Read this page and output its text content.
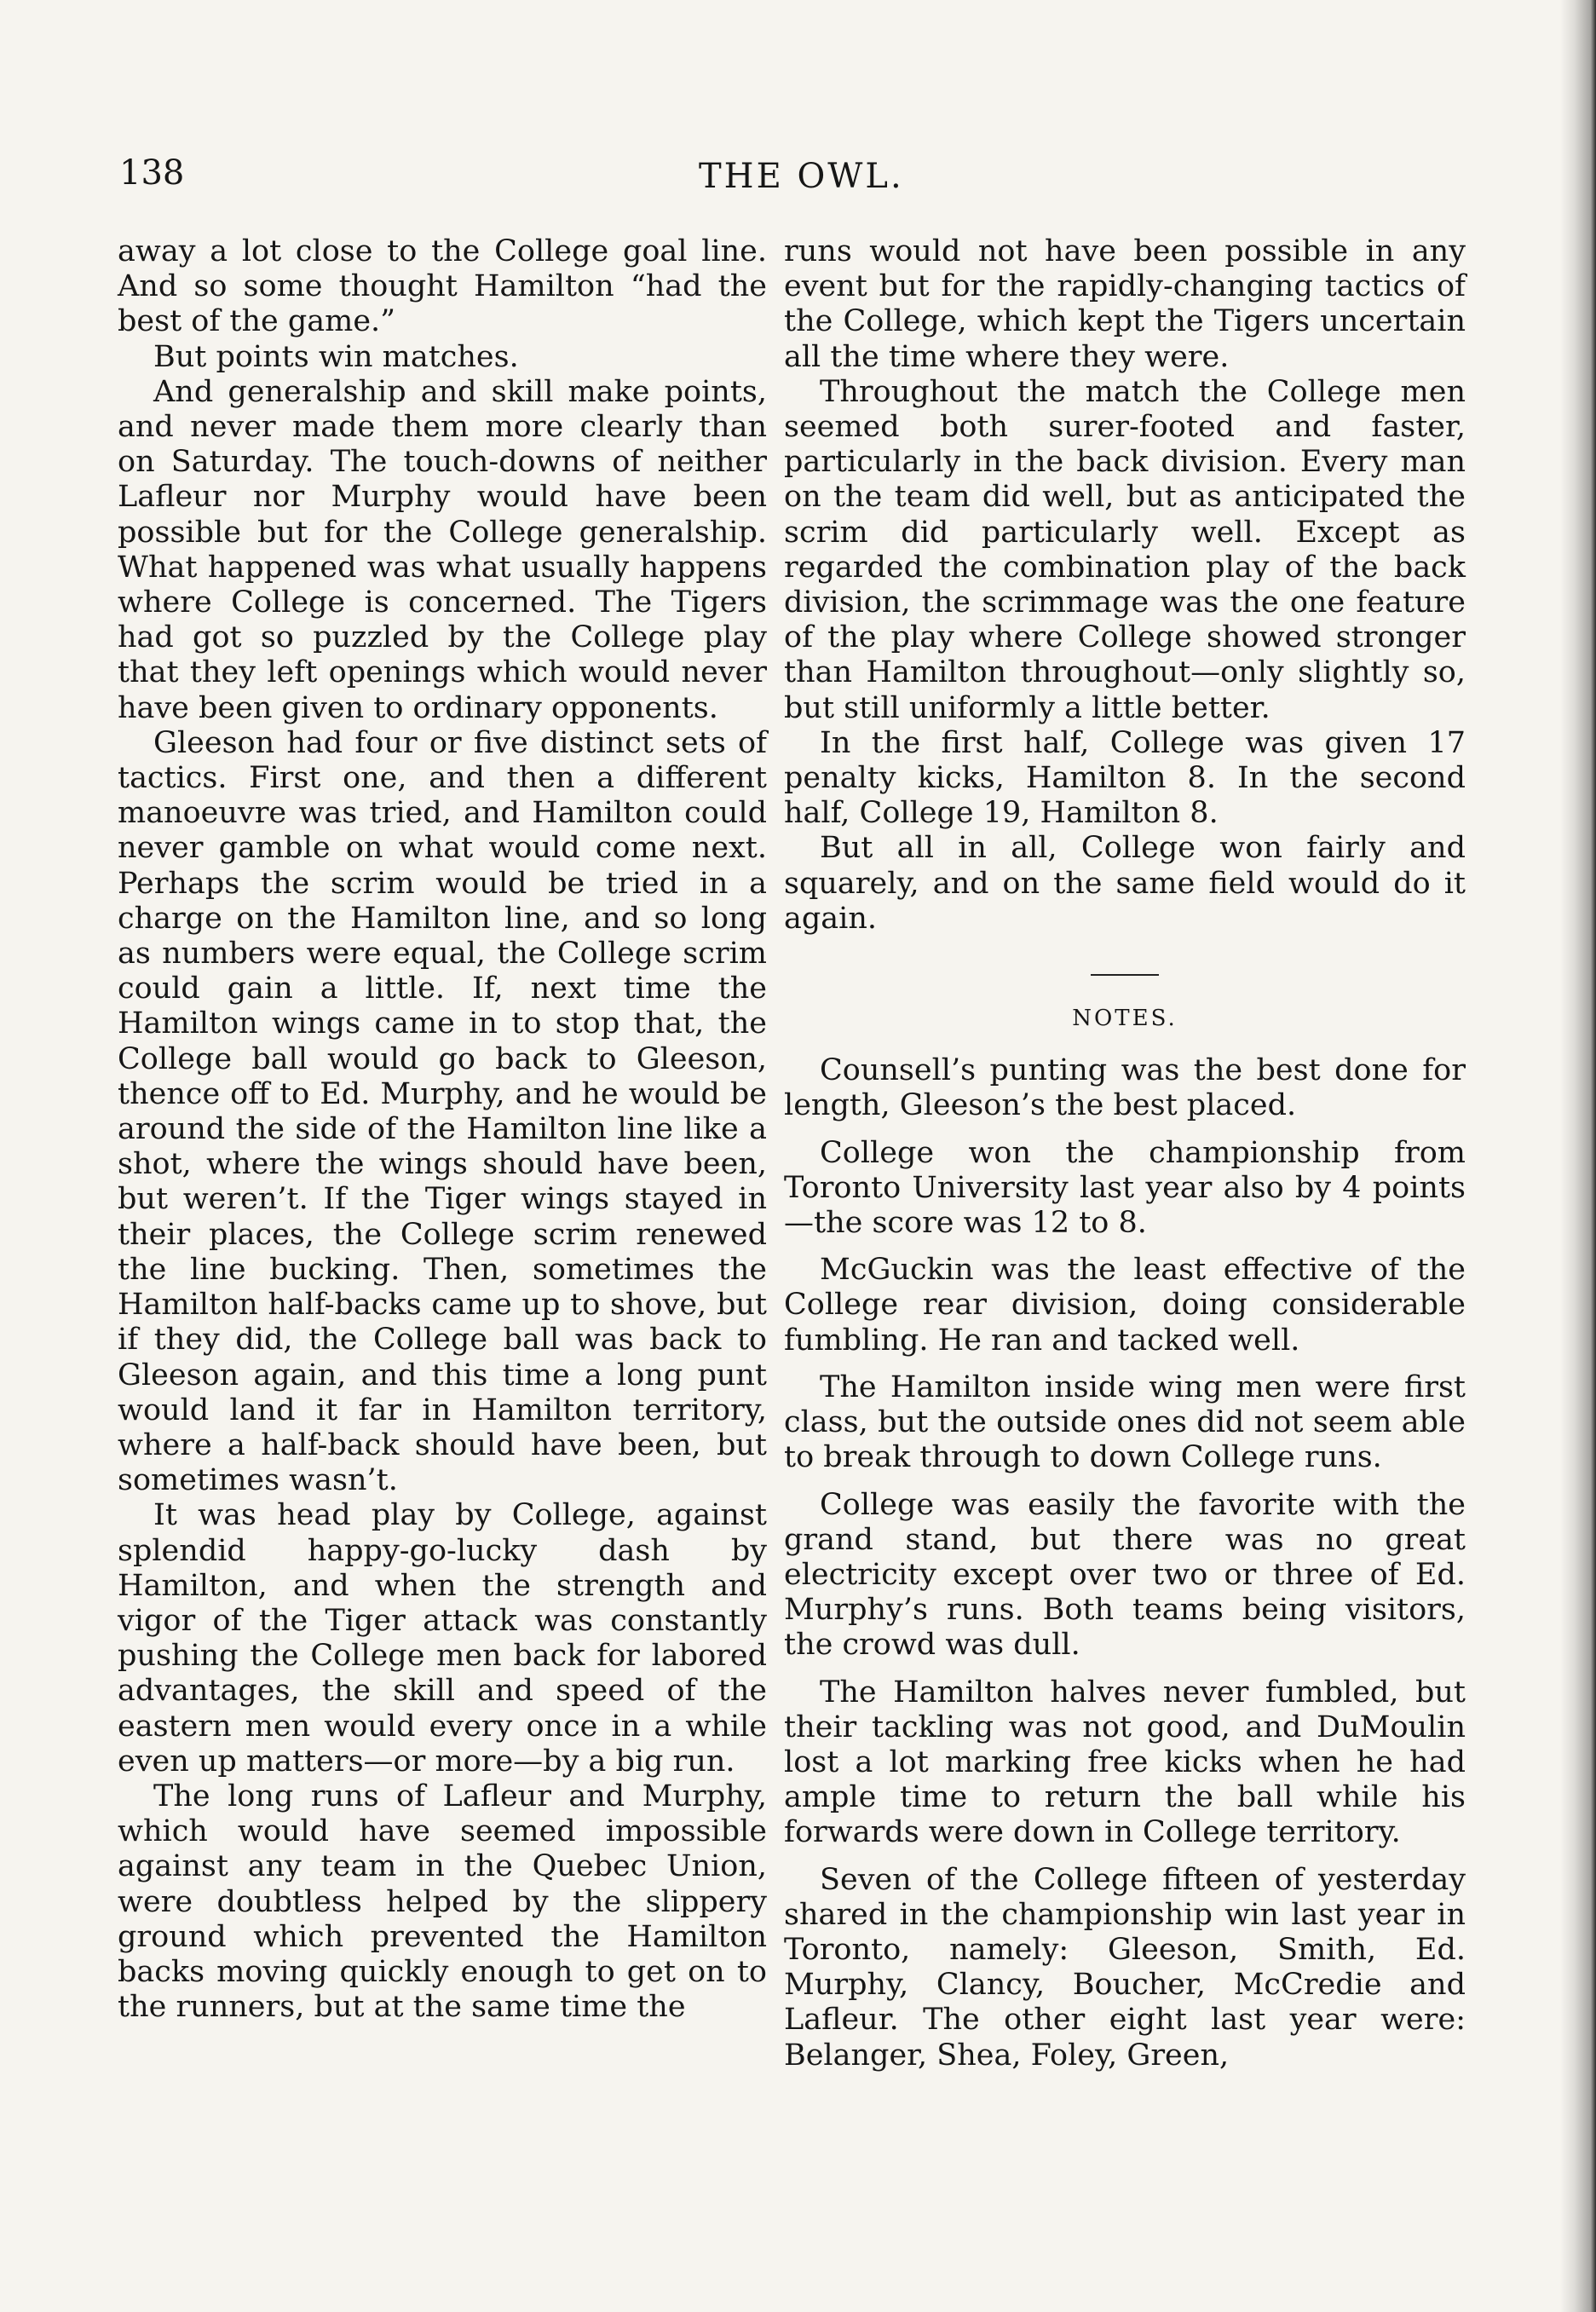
138	THE OWL.

away a lot close to the College goal line. And so some thought Hamilton “had the best of the game.”

But points win matches.

And generalship and skill make points, and never made them more clearly than on Saturday. The touch-downs of neither Lafleur nor Murphy would have been possible but for the College generalship. What happened was what usually happens where College is concerned. The Tigers had got so puzzled by the College play that they left openings which would never have been given to ordinary opponents.

Gleeson had four or five distinct sets of tactics. First one, and then a different manoeuvre was tried, and Hamilton could never gamble on what would come next. Perhaps the scrim would be tried in a charge on the Hamilton line, and so long as numbers were equal, the College scrim could gain a little. If, next time the Hamilton wings came in to stop that, the College ball would go back to Gleeson, thence off to Ed. Murphy, and he would be around the side of the Hamilton line like a shot, where the wings should have been, but weren’t. If the Tiger wings stayed in their places, the College scrim renewed the line bucking. Then, sometimes the Hamilton half-backs came up to shove, but if they did, the College ball was back to Gleeson again, and this time a long punt would land it far in Hamilton territory, where a half-back should have been, but sometimes wasn’t.

It was head play by College, against splendid happy-go-lucky dash by Hamilton, and when the strength and vigor of the Tiger attack was constantly pushing the College men back for labored advantages, the skill and speed of the eastern men would every once in a while even up matters—or more—by a big run.

The long runs of Lafleur and Murphy, which would have seemed impossible against any team in the Quebec Union, were doubtless helped by the slippery ground which prevented the Hamilton backs moving quickly enough to get on to the runners, but at the same time the

runs would not have been possible in any event but for the rapidly-changing tactics of the College, which kept the Tigers uncertain all the time where they were.

Throughout the match the College men seemed both surer-footed and faster, particularly in the back division. Every man on the team did well, but as anticipated the scrim did particularly well. Except as regarded the combination play of the back division, the scrimmage was the one feature of the play where College showed stronger than Hamilton throughout—only slightly so, but still uniformly a little better.

In the first half, College was given 17 penalty kicks, Hamilton 8. In the second half, College 19, Hamilton 8.

But all in all, College won fairly and squarely, and on the same field would do it again.

NOTES.

Counsell’s punting was the best done for length, Gleeson’s the best placed.

College won the championship from Toronto University last year also by 4 points—the score was 12 to 8.

McGuckin was the least effective of the College rear division, doing considerable fumbling. He ran and tacked well.

The Hamilton inside wing men were first class, but the outside ones did not seem able to break through to down College runs.

College was easily the favorite with the grand stand, but there was no great electricity except over two or three of Ed. Murphy’s runs. Both teams being visitors, the crowd was dull.

The Hamilton halves never fumbled, but their tackling was not good, and DuMoulin lost a lot marking free kicks when he had ample time to return the ball while his forwards were down in College territory.

Seven of the College fifteen of yesterday shared in the championship win last year in Toronto, namely: Gleeson, Smith, Ed. Murphy, Clancy, Boucher, McCredie and Lafleur. The other eight last year were: Belanger, Shea, Foley, Green,
